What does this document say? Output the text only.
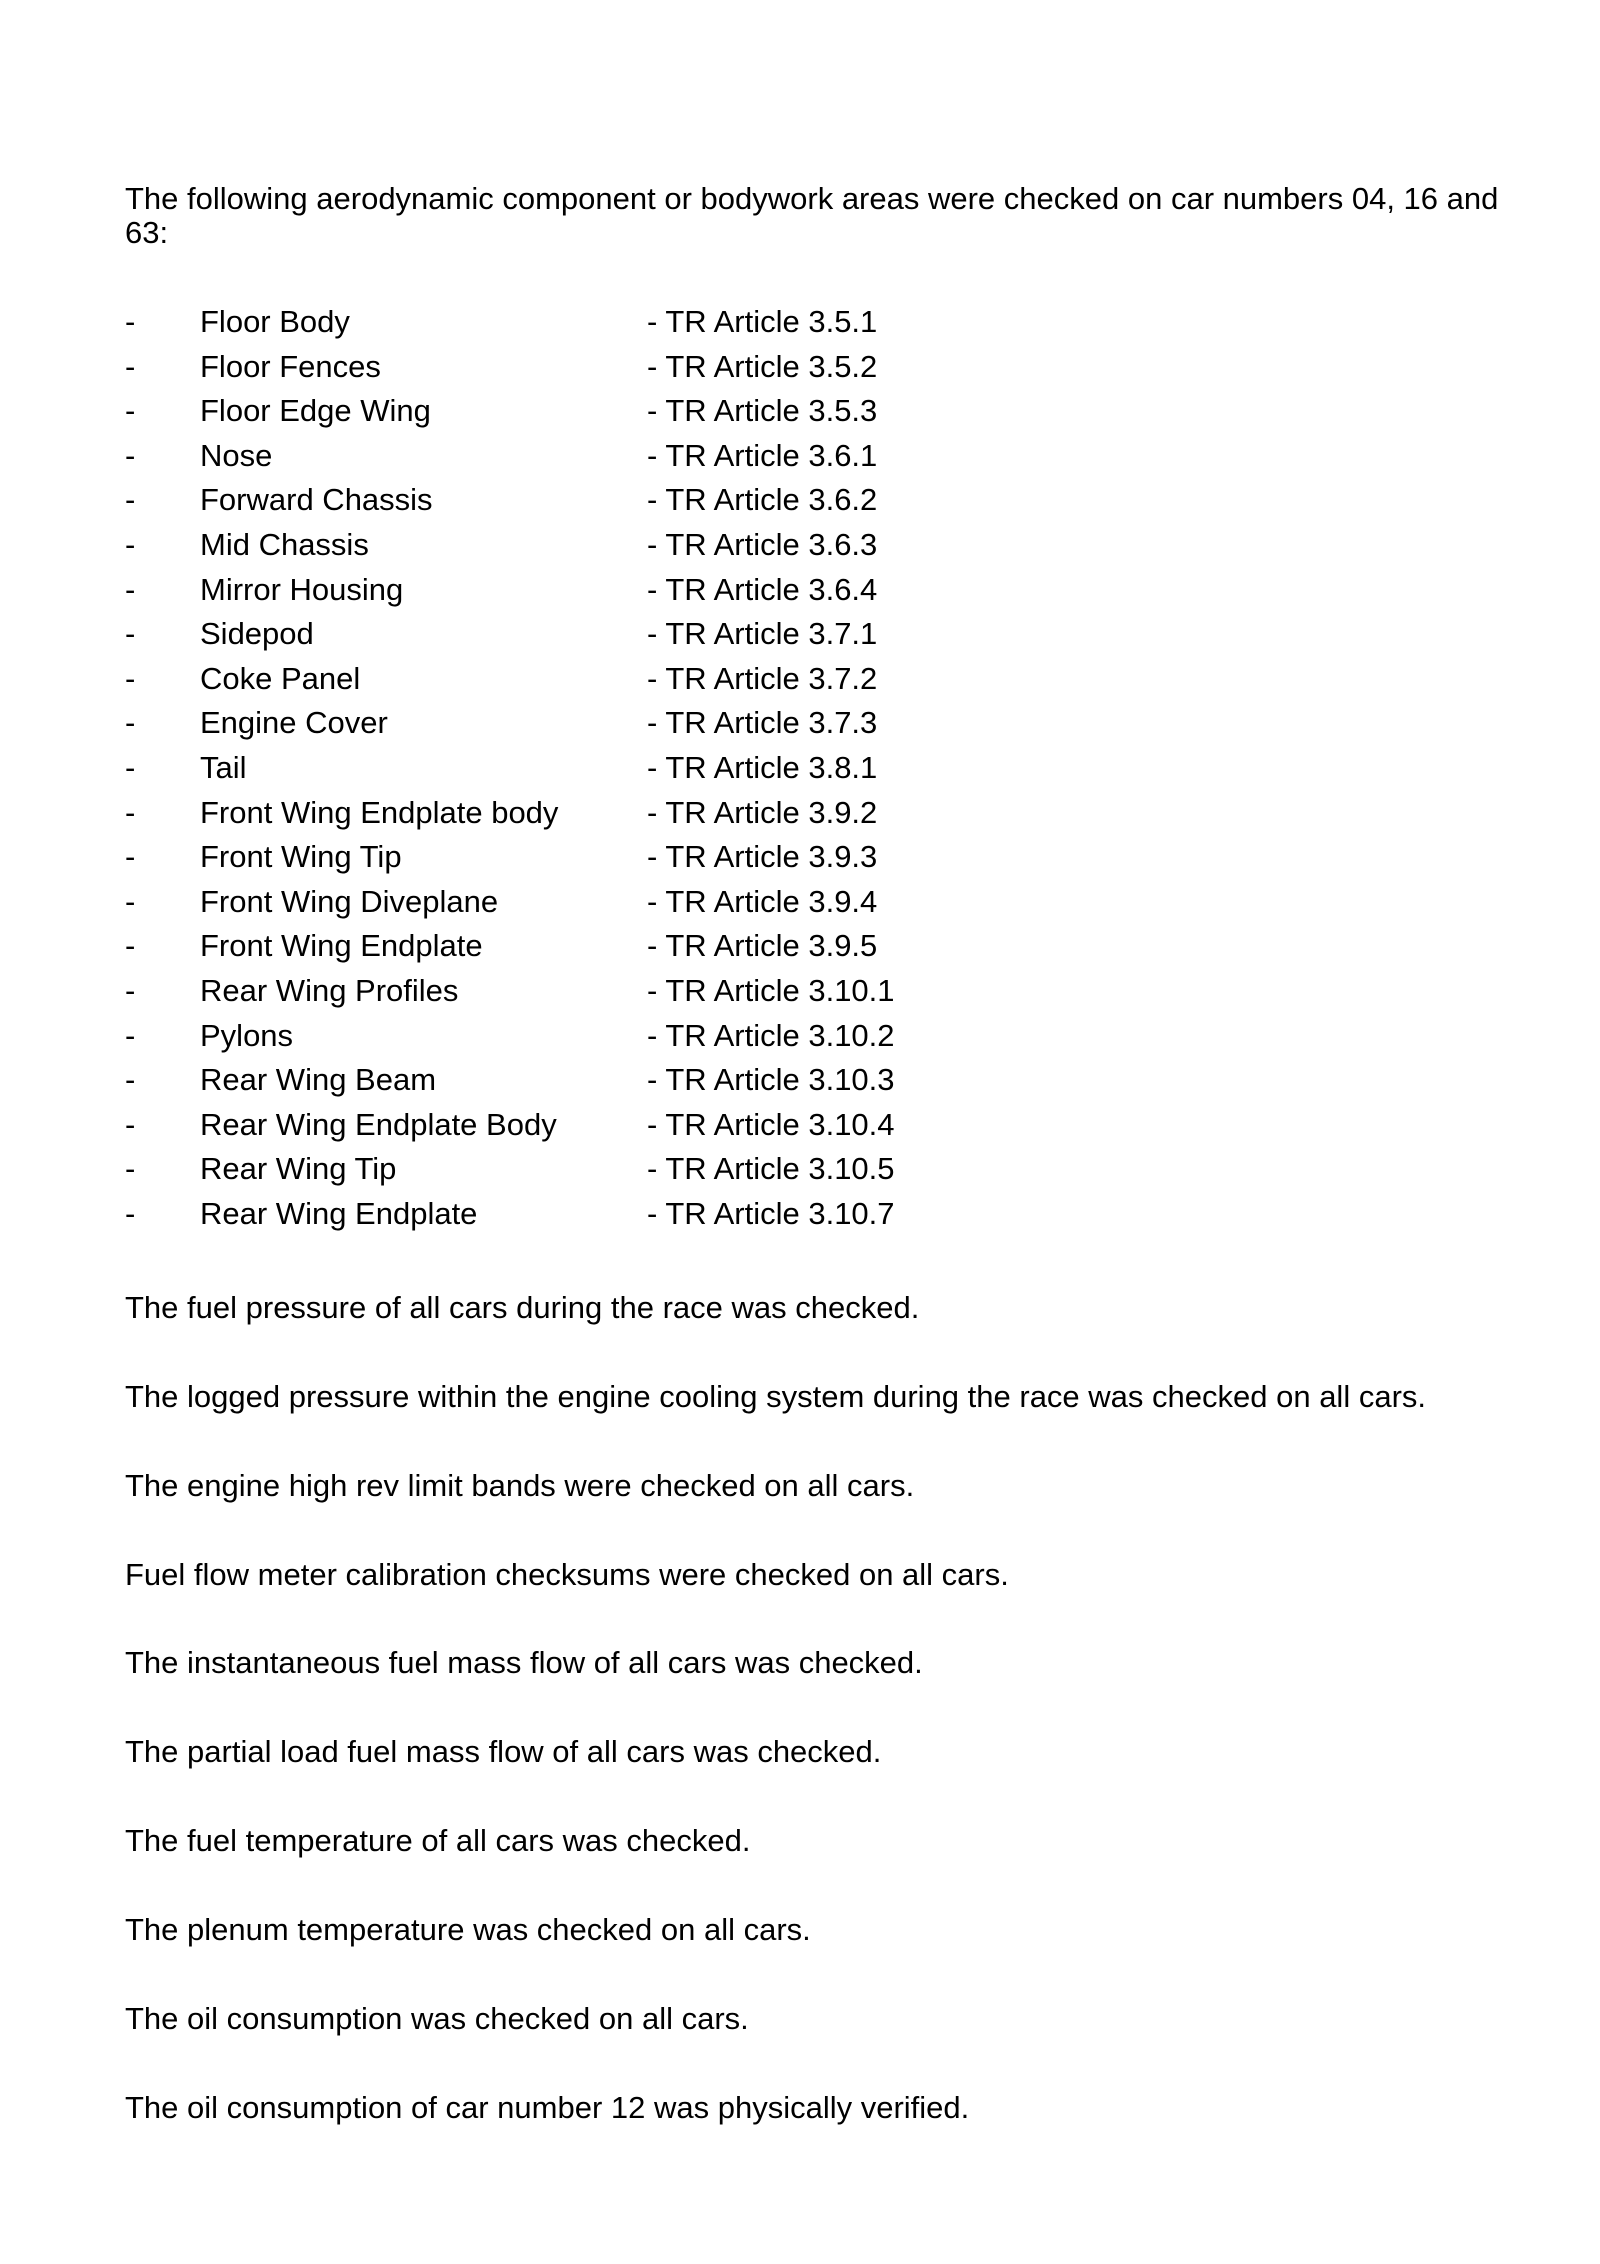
The following aerodynamic component or bodywork areas were checked on car numbers 04, 16 and 63:

- Floor Body	- TR Article 3.5.1
- Floor Fences	- TR Article 3.5.2
- Floor Edge Wing	- TR Article 3.5.3
- Nose	- TR Article 3.6.1
- Forward Chassis	- TR Article 3.6.2
- Mid Chassis	- TR Article 3.6.3
- Mirror Housing	- TR Article 3.6.4
- Sidepod	- TR Article 3.7.1
- Coke Panel	- TR Article 3.7.2
- Engine Cover	- TR Article 3.7.3
- Tail	- TR Article 3.8.1
- Front Wing Endplate body	- TR Article 3.9.2
- Front Wing Tip	- TR Article 3.9.3
- Front Wing Diveplane	- TR Article 3.9.4
- Front Wing Endplate	- TR Article 3.9.5
- Rear Wing Profiles	- TR Article 3.10.1
- Pylons	- TR Article 3.10.2
- Rear Wing Beam	- TR Article 3.10.3
- Rear Wing Endplate Body	- TR Article 3.10.4
- Rear Wing Tip	- TR Article 3.10.5
- Rear Wing Endplate	- TR Article 3.10.7

The fuel pressure of all cars during the race was checked.

The logged pressure within the engine cooling system during the race was checked on all cars.

The engine high rev limit bands were checked on all cars.

Fuel flow meter calibration checksums were checked on all cars.

The instantaneous fuel mass flow of all cars was checked.

The partial load fuel mass flow of all cars was checked.

The fuel temperature of all cars was checked.

The plenum temperature was checked on all cars.

The oil consumption was checked on all cars.

The oil consumption of car number 12 was physically verified.
